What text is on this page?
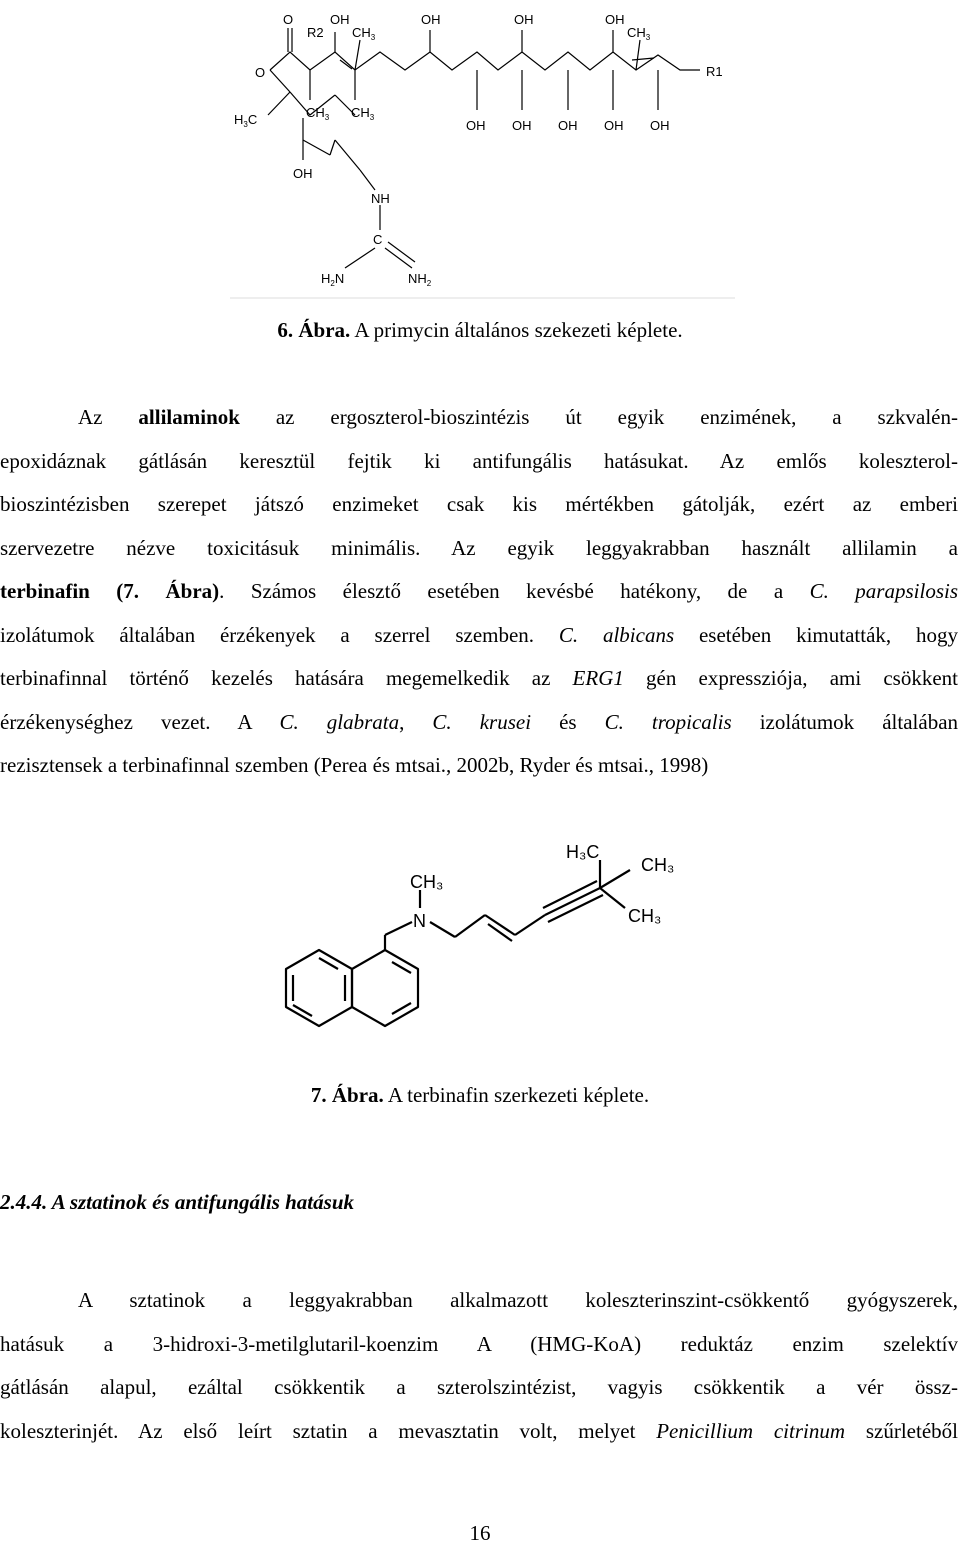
O
R2
OH
$CH_3$
OH	OH	OH
$CH_3$
O	R1
$H_3C$	$CH_3$ $CH_3$
OH OH OH OH OH
OH
NH
C
$H_2N$	$NH_2$
6. Ábra. A primycin általános szekezeti képlete.
Az allilaminok az ergoszterol-bioszintézis út egyik enzimének, a szkvalén-
epoxidáznak gátlásán keresztül fejtik ki antifungális hatásukat. Az emlős koleszterol-
bioszintézisben szerepet játszó enzimeket csak kis mértékben gátolják, ezért az emberi
szervezetre nézve toxicitásuk minimális. Az egyik leggyakrabban használt allilamin a
terbinafin (7. Ábra). Számos élesztő esetében kevésbé hatékony, de a C. parapsilosis
izolátumok általában érzékenyek a szerrel szemben. C. albicans esetében kimutatták, hogy
terbinafinnal történő kezelés hatására megemelkedik az ERG1 gén expressziója, ami csökkent
érzékenységhez vezet. A C. glabrata, C. krusei és C. tropicalis izolátumok általában
rezisztensek a terbinafinnal szemben (Perea és mtsai., 2002b, Ryder és mtsai., 1998)
H₃C
CH₃
CH₃
CH₃
N
7. Ábra. A terbinafin szerkezeti képlete.
2.4.4. A sztatinok és antifungális hatásuk
A sztatinok a leggyakrabban alkalmazott koleszterinszint-csökkentő gyógyszerek,
hatásuk a 3-hidroxi-3-metilglutaril-koenzim A (HMG-KoA) reduktáz enzim szelektív
gátlásán alapul, ezáltal csökkentik a szterolszintézist, vagyis csökkentik a vér össz-
koleszterinjét. Az első leírt sztatin a mevasztatin volt, melyet Penicillium citrinum szűrletéből
16
